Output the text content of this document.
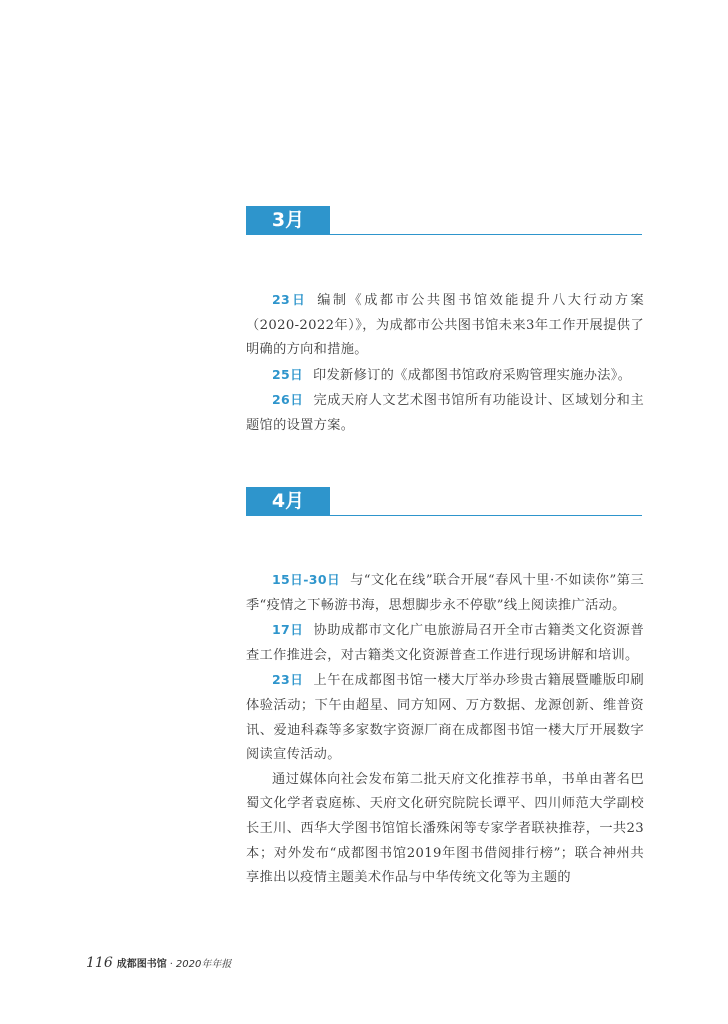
3月

23日 编制《成都市公共图书馆效能提升八大行动方案（2020-2022年）》，为成都市公共图书馆未来3年工作开展提供了明确的方向和措施。

25日 印发新修订的《成都图书馆政府采购管理实施办法》。

26日 完成天府人文艺术图书馆所有功能设计、区域划分和主题馆的设置方案。

4月

15日-30日 与“文化在线”联合开展“春风十里·不如读你”第三季“疫情之下畅游书海，思想脚步永不停歇”线上阅读推广活动。

17日 协助成都市文化广电旅游局召开全市古籍类文化资源普查工作推进会，对古籍类文化资源普查工作进行现场讲解和培训。

23日 上午在成都图书馆一楼大厅举办珍贵古籍展暨雕版印刷体验活动；下午由超星、同方知网、万方数据、龙源创新、维普资讯、爱迪科森等多家数字资源厂商在成都图书馆一楼大厅开展数字阅读宣传活动。

通过媒体向社会发布第二批天府文化推荐书单，书单由著名巴蜀文化学者袁庭栋、天府文化研究院院长谭平、四川师范大学副校长王川、西华大学图书馆馆长潘殊闲等专家学者联袂推荐，一共23本；对外发布“成都图书馆2019年图书借阅排行榜”；联合神州共享推出以疫情主题美术作品与中华传统文化等为主题的

116 成都图书馆 · 2020年年报
